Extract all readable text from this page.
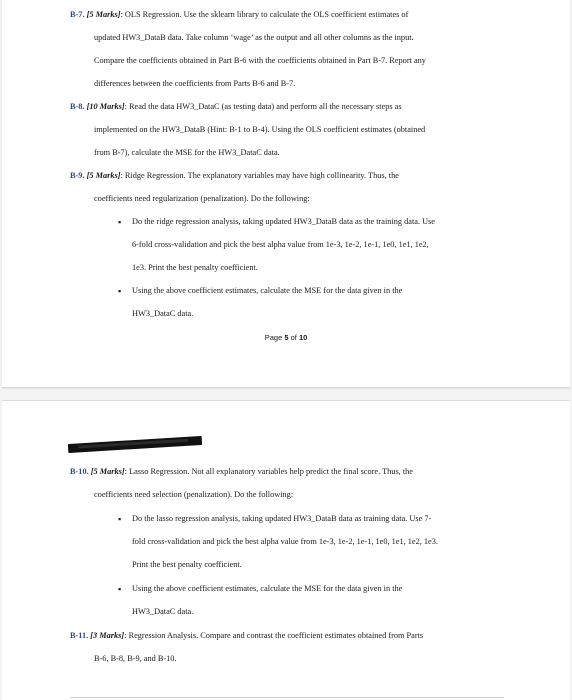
B-7. [5 Marks]: OLS Regression. Use the sklearn library to calculate the OLS coefficient estimates of
updated HW3_DataB data. Take column ‘wage’ as the output and all other columns as the input.
Compare the coefficients obtained in Part B-6 with the coefficients obtained in Part B-7. Report any
differences between the coefficients from Parts B-6 and B-7.
B-8. [10 Marks]: Read the data HW3_DataC (as testing data) and perform all the necessary steps as
implemented on the HW3_DataB (Hint: B-1 to B-4). Using the OLS coefficient estimates (obtained
from B-7), calculate the MSE for the HW3_DataC data.
B-9. [5 Marks]: Ridge Regression. The explanatory variables may have high collinearity. Thus, the
coefficients need regularization (penalization). Do the following:
▪ Do the ridge regression analysis, taking updated HW3_DataB data as the training data. Use
6-fold cross-validation and pick the best alpha value from 1e-3, 1e-2, 1e-1, 1e0, 1e1, 1e2,
1e3. Print the best penalty coefficient.
▪ Using the above coefficient estimates, calculate the MSE for the data given in the
HW3_DataC data.
Page 5 of 10
B-10. [5 Marks]: Lasso Regression. Not all explanatory variables help predict the final score. Thus, the
coefficients need selection (penalization). Do the following:
▪ Do the lasso regression analysis, taking updated HW3_DataB data as training data. Use 7-
fold cross-validation and pick the best alpha value from 1e-3, 1e-2, 1e-1, 1e0, 1e1, 1e2, 1e3.
Print the best penalty coefficient.
▪ Using the above coefficient estimates, calculate the MSE for the data given in the
HW3_DataC data.
B-11. [3 Marks]: Regression Analysis. Compare and contrast the coefficient estimates obtained from Parts
B-6, B-8, B-9, and B-10.
